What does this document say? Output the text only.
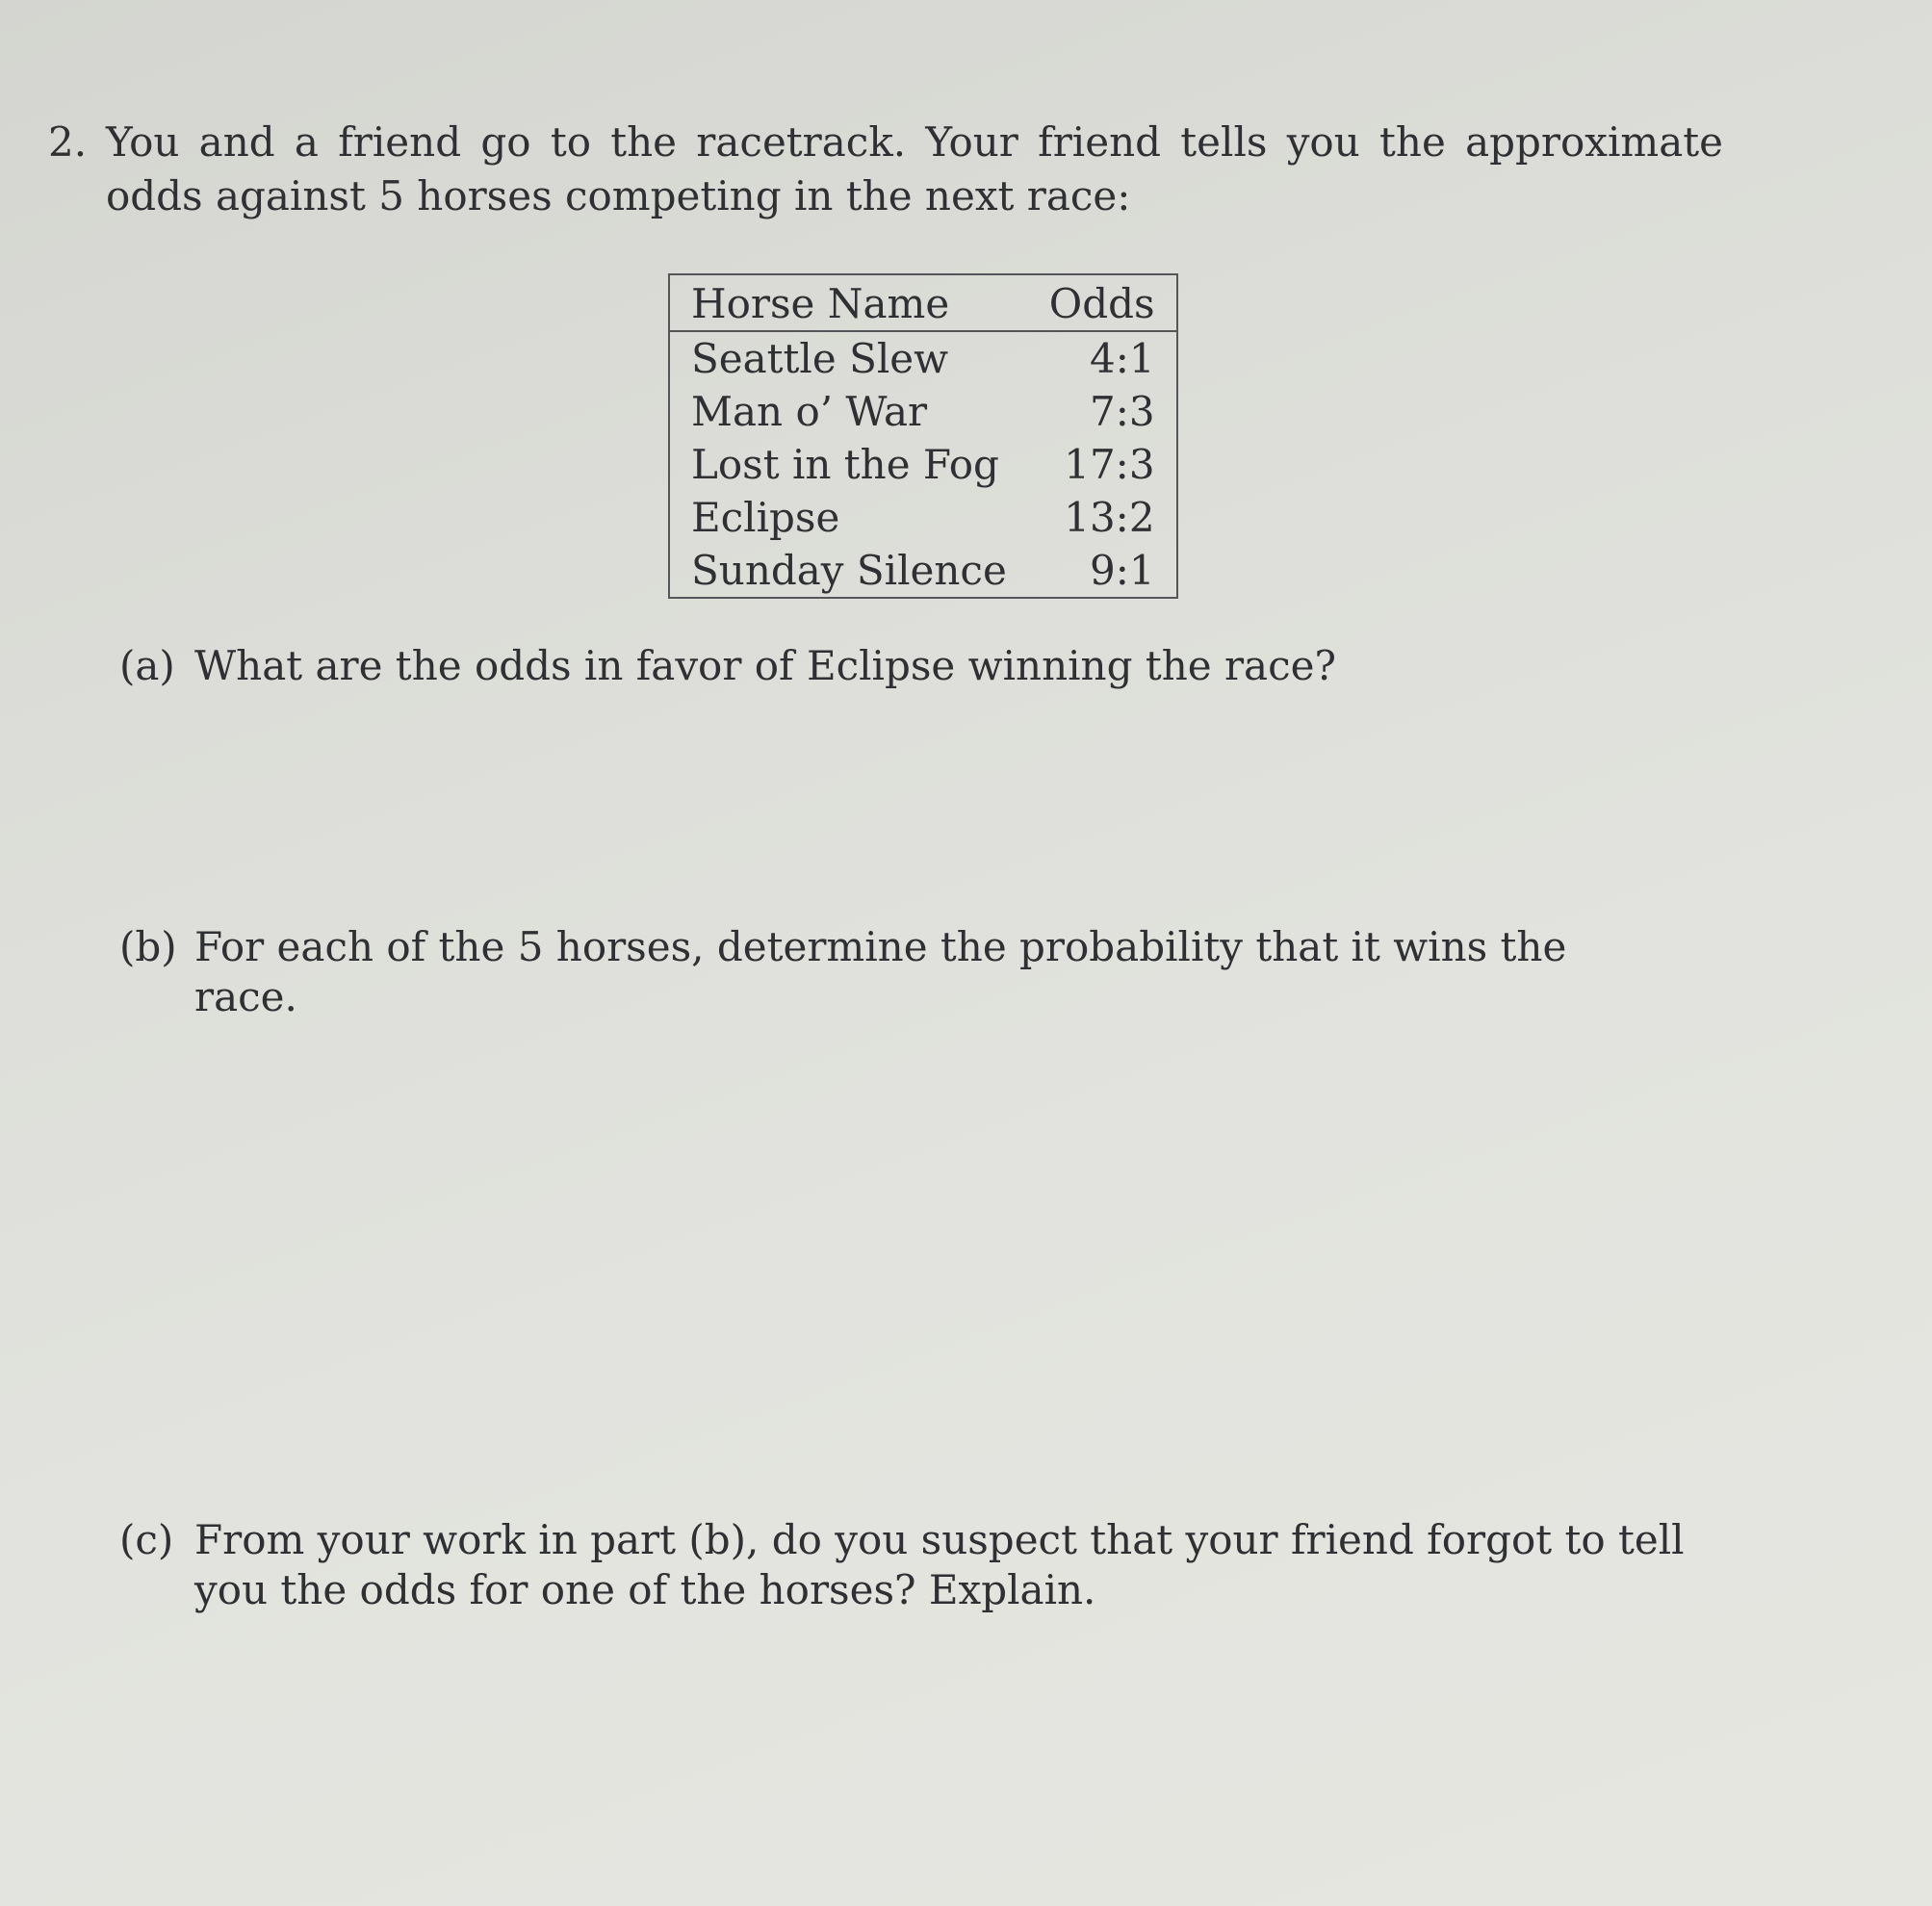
2. You and a friend go to the racetrack. Your friend tells you the approximate odds against 5 horses competing in the next race:
Horse Name	Odds
Seattle Slew	4:1
Man o’ War	7:3
Lost in the Fog	17:3
Eclipse	13:2
Sunday Silence	9:1
(a) What are the odds in favor of Eclipse winning the race?
(b) For each of the 5 horses, determine the probability that it wins the race.
(c) From your work in part (b), do you suspect that your friend forgot to tell you the odds for one of the horses? Explain.
